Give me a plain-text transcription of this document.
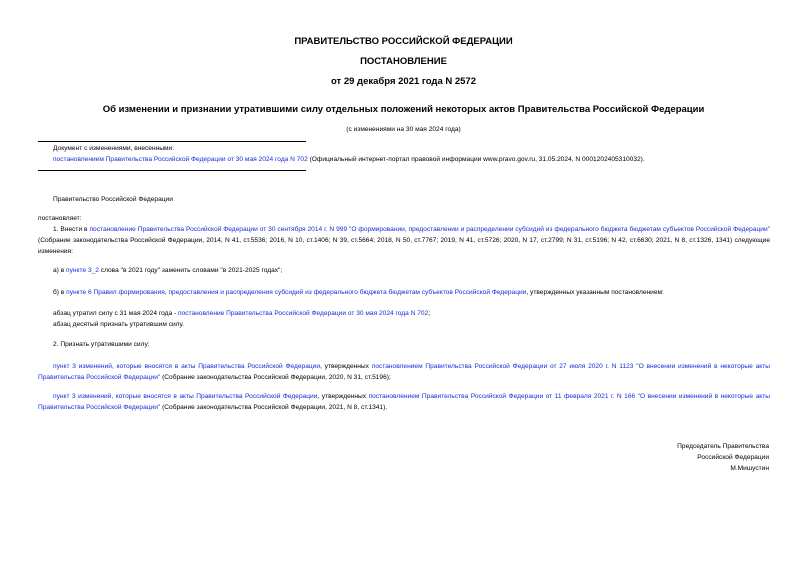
ПРАВИТЕЛЬСТВО РОССИЙСКОЙ ФЕДЕРАЦИИ
ПОСТАНОВЛЕНИЕ
от 29 декабря 2021 года N 2572
Об изменении и признании утратившими силу отдельных положений некоторых актов Правительства Российской Федерации
(с изменениями на 30 мая 2024 года)
Документ с изменениями, внесенными:
постановлением Правительства Российской Федерации от 30 мая 2024 года N 702 (Официальный интернет-портал правовой информации www.pravo.gov.ru, 31.05.2024, N 0001202405310032).
Правительство Российской Федерации
постановляет:
1. Внести в постановление Правительства Российской Федерации от 30 сентября 2014 г. N 999 "О формировании, предоставлении и распределении субсидий из федерального бюджета бюджетам субъектов Российской Федерации" (Собрание законодательства Российской Федерации, 2014, N 41, ст.5536; 2016, N 10, ст.1406; N 39, ст.5664; 2018, N 50, ст.7767; 2019, N 41, ст.5726; 2020, N 17, ст.2799; N 31, ст.5196; N 42, ст.6630; 2021, N 8, ст.1326, 1341) следующие изменения:
а) в пункте 3_2 слова "в 2021 году" заменить словами "в 2021-2025 годах";
б) в пункте 6 Правил формирования, предоставления и распределения субсидий из федерального бюджета бюджетам субъектов Российской Федерации, утвержденных указанным постановлением:
абзац утратил силу с 31 мая 2024 года - постановление Правительства Российской Федерации от 30 мая 2024 года N 702;
абзац десятый признать утратившим силу.
2. Признать утратившими силу:
пункт 3 изменений, которые вносятся в акты Правительства Российской Федерации, утвержденных постановлением Правительства Российской Федерации от 27 июля 2020 г. N 1123 "О внесении изменений в некоторые акты Правительства Российской Федерации" (Собрание законодательства Российской Федерации, 2020, N 31, ст.5196);
пункт 3 изменений, которые вносятся в акты Правительства Российской Федерации, утвержденных постановлением Правительства Российской Федерации от 11 февраля 2021 г. N 166 "О внесении изменений в некоторые акты Правительства Российской Федерации" (Собрание законодательства Российской Федерации, 2021, N 8, ст.1341).
Председатель Правительства
Российской Федерации
М.Мишустин
